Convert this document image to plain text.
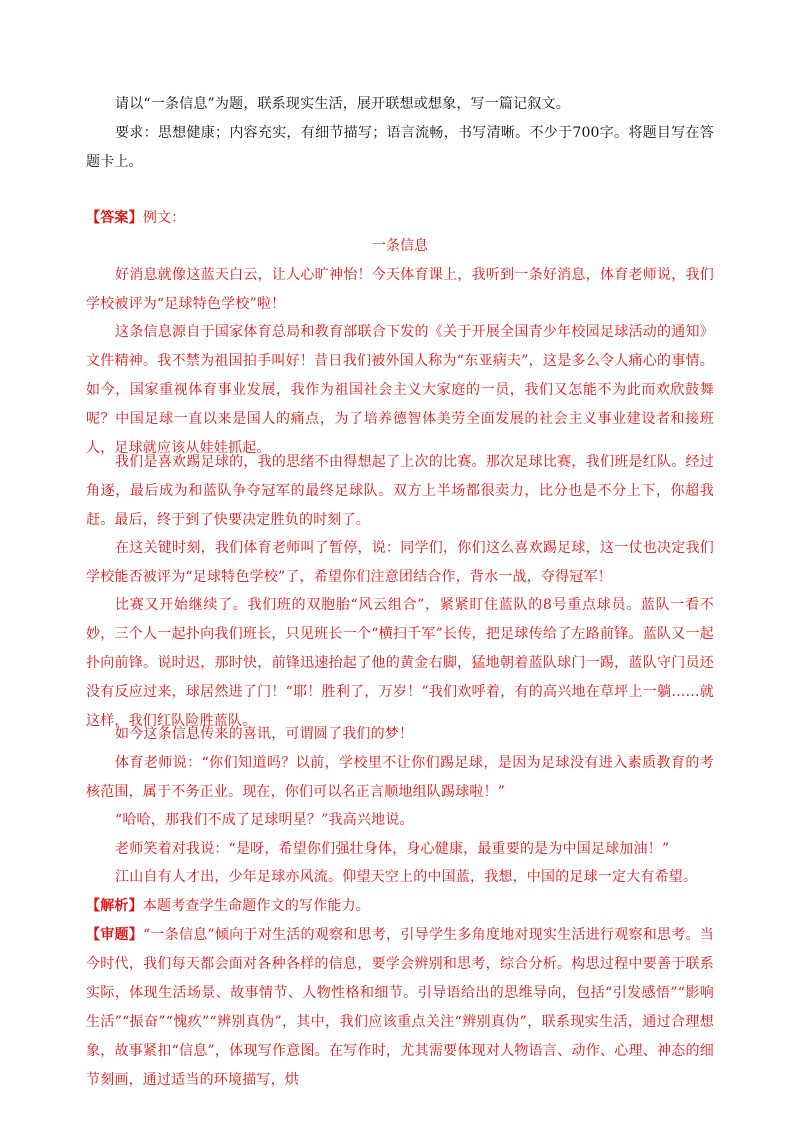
请以“一条信息”为题，联系现实生活，展开联想或想象，写一篇记叙文。

要求：思想健康；内容充实，有细节描写；语言流畅，书写清晰。不少于700字。将题目写在答题卡上。

【答案】例文：

一条信息

好消息就像这蓝天白云，让人心旷神怡！今天体育课上，我听到一条好消息，体育老师说，我们学校被评为“足球特色学校”啦！

这条信息源自于国家体育总局和教育部联合下发的《关于开展全国青少年校园足球活动的通知》文件精神。我不禁为祖国拍手叫好！昔日我们被外国人称为“东亚病夫”，这是多么令人痛心的事情。如今，国家重视体育事业发展，我作为祖国社会主义大家庭的一员，我们又怎能不为此而欢欣鼓舞呢？中国足球一直以来是国人的痛点，为了培养德智体美劳全面发展的社会主义事业建设者和接班人，足球就应该从娃娃抓起。

我们是喜欢踢足球的，我的思绪不由得想起了上次的比赛。那次足球比赛，我们班是红队。经过角逐，最后成为和蓝队争夺冠军的最终足球队。双方上半场都很卖力，比分也是不分上下，你超我赶。最后，终于到了快要决定胜负的时刻了。

在这关键时刻，我们体育老师叫了暂停，说：同学们，你们这么喜欢踢足球，这一仗也决定我们学校能否被评为“足球特色学校”了，希望你们注意团结合作，背水一战，夺得冠军！

比赛又开始继续了。我们班的双胞胎“风云组合”，紧紧盯住蓝队的8号重点球员。蓝队一看不妙，三个人一起扑向我们班长，只见班长一个“横扫千军”长传，把足球传给了左路前锋。蓝队又一起扑向前锋。说时迟，那时快，前锋迅速抬起了他的黄金右脚，猛地朝着蓝队球门一踢，蓝队守门员还没有反应过来，球居然进了门！“耶！胜利了，万岁！”我们欢呼着，有的高兴地在草坪上一躺……就这样，我们红队险胜蓝队。

如今这条信息传来的喜讯，可谓圆了我们的梦！

体育老师说：“你们知道吗？以前，学校里不让你们踢足球，是因为足球没有进入素质教育的考核范围，属于不务正业。现在，你们可以名正言顺地组队踢球啦！”

“哈哈，那我们不成了足球明星？”我高兴地说。

老师笑着对我说：“是呀，希望你们强壮身体，身心健康，最重要的是为中国足球加油！”

江山自有人才出，少年足球亦风流。仰望天空上的中国蓝，我想，中国的足球一定大有希望。

【解析】本题考查学生命题作文的写作能力。

【审题】“一条信息”倾向于对生活的观察和思考，引导学生多角度地对现实生活进行观察和思考。当今时代，我们每天都会面对各种各样的信息，要学会辨别和思考，综合分析。构思过程中要善于联系实际，体现生活场景、故事情节、人物性格和细节。引导语给出的思维导向，包括“引发感悟”“影响生活”“振奋”“愧疚”“辨别真伪”，其中，我们应该重点关注“辨别真伪”，联系现实生活，通过合理想象，故事紧扣“信息”，体现写作意图。在写作时，尤其需要体现对人物语言、动作、心理、神态的细节刻画，通过适当的环境描写，烘
